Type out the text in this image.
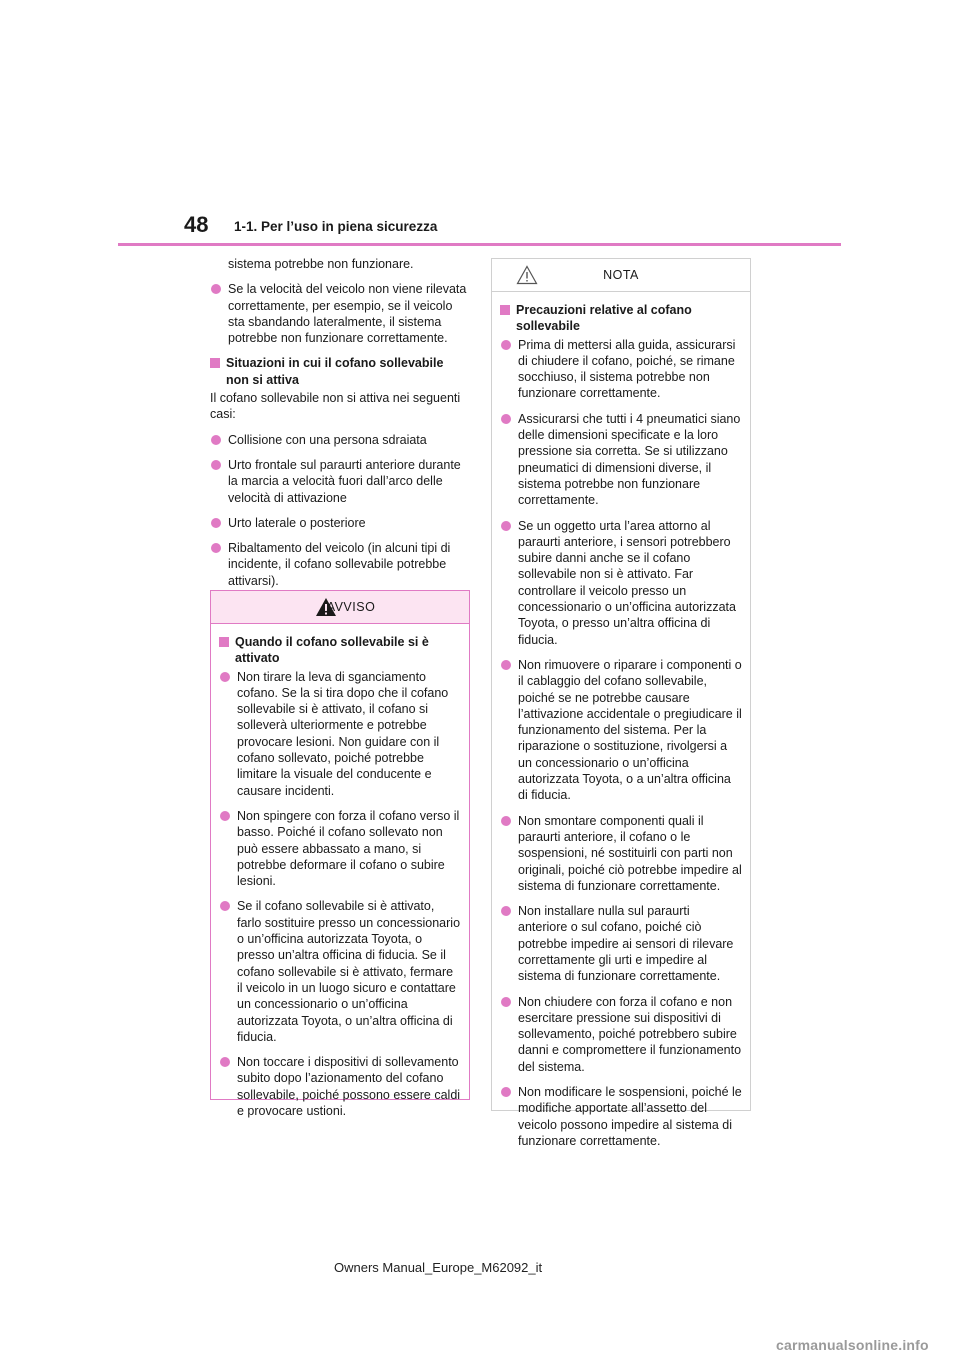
48 1-1. Per l’uso in piena sicurezza

sistema potrebbe non funzionare.

Se la velocità del veicolo non viene rilevata correttamente, per esempio, se il veicolo sta sbandando lateralmente, il sistema potrebbe non funzionare correttamente.
Situazioni in cui il cofano sollevabile non si attiva

Il cofano sollevabile non si attiva nei seguenti casi:

Collisione con una persona sdraiata
Urto frontale sul paraurti anteriore durante la marcia a velocità fuori dall’arco delle velocità di attivazione
Urto laterale o posteriore
Ribaltamento del veicolo (in alcuni tipi di incidente, il cofano sollevabile potrebbe attivarsi).
AVVISO
Quando il cofano sollevabile si è attivato
Non tirare la leva di sganciamento cofano. Se la si tira dopo che il cofano sollevabile si è attivato, il cofano si solleverà ulteriormente e potrebbe provocare lesioni. Non guidare con il cofano sollevato, poiché potrebbe limitare la visuale del conducente e causare incidenti.
Non spingere con forza il cofano verso il basso. Poiché il cofano sollevato non può essere abbassato a mano, si potrebbe deformare il cofano o subire lesioni.
Se il cofano sollevabile si è attivato, farlo sostituire presso un concessionario o un’officina autorizzata Toyota, o presso un’altra officina di fiducia. Se il cofano sollevabile si è attivato, fermare il veicolo in un luogo sicuro e contattare un concessionario o un’officina autorizzata Toyota, o un’altra officina di fiducia.
Non toccare i dispositivi di sollevamento subito dopo l’azionamento del cofano sollevabile, poiché possono essere caldi e provocare ustioni.
NOTA
Precauzioni relative al cofano sollevabile
Prima di mettersi alla guida, assicurarsi di chiudere il cofano, poiché, se rimane socchiuso, il sistema potrebbe non funzionare correttamente.
Assicurarsi che tutti i 4 pneumatici siano delle dimensioni specificate e la loro pressione sia corretta. Se si utilizzano pneumatici di dimensioni diverse, il sistema potrebbe non funzionare correttamente.
Se un oggetto urta l’area attorno al paraurti anteriore, i sensori potrebbero subire danni anche se il cofano sollevabile non si è attivato. Far controllare il veicolo presso un concessionario o un’officina autorizzata Toyota, o presso un’altra officina di fiducia.
Non rimuovere o riparare i componenti o il cablaggio del cofano sollevabile, poiché se ne potrebbe causare l’attivazione accidentale o pregiudicare il funzionamento del sistema. Per la riparazione o sostituzione, rivolgersi a un concessionario o un’officina autorizzata Toyota, o a un’altra officina di fiducia.
Non smontare componenti quali il paraurti anteriore, il cofano o le sospensioni, né sostituirli con parti non originali, poiché ciò potrebbe impedire al sistema di funzionare correttamente.
Non installare nulla sul paraurti anteriore o sul cofano, poiché ciò potrebbe impedire ai sensori di rilevare correttamente gli urti e impedire al sistema di funzionare correttamente.
Non chiudere con forza il cofano e non esercitare pressione sui dispositivi di sollevamento, poiché potrebbero subire danni e compromettere il funzionamento del sistema.
Non modificare le sospensioni, poiché le modifiche apportate all’assetto del veicolo possono impedire al sistema di funzionare correttamente.
Owners Manual_Europe_M62092_it
carmanualsonline.info
